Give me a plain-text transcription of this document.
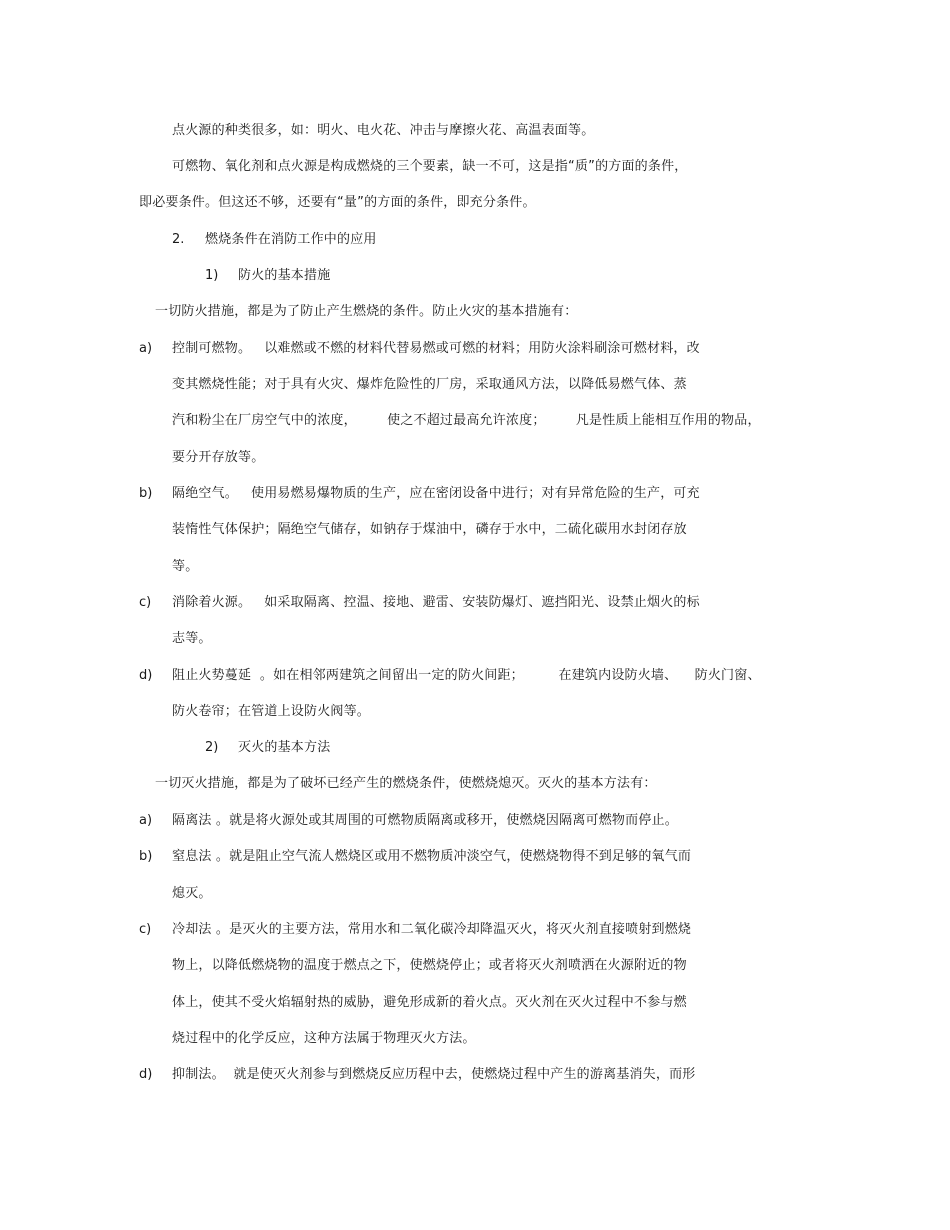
点火源的种类很多，如：明火、电火花、冲击与摩擦火花、高温表面等。
可燃物、氧化剂和点火源是构成燃烧的三个要素，缺一不可，这是指“质”的方面的条件，
即必要条件。但这还不够，还要有“量”的方面的条件，即充分条件。
2. 燃烧条件在消防工作中的应用
1) 防火的基本措施
一切防火措施，都是为了防止产生燃烧的条件。防止火灾的基本措施有：
a) 控制可燃物。   以难燃或不燃的材料代替易燃或可燃的材料；用防火涂料刷涂可燃材料，改
变其燃烧性能；对于具有火灾、爆炸危险性的厂房，采取通风方法，以降低易燃气体、蒸
汽和粉尘在厂房空气中的浓度，       使之不超过最高允许浓度；       凡是性质上能相互作用的物品，
要分开存放等。
b) 隔绝空气。   使用易燃易爆物质的生产，应在密闭设备中进行；对有异常危险的生产，可充
装惰性气体保护；隔绝空气储存，如钠存于煤油中，磷存于水中，二硫化碳用水封闭存放
等。
c) 消除着火源。   如采取隔离、控温、接地、避雷、安装防爆灯、遮挡阳光、设禁止烟火的标
志等。
d) 阻止火势蔓延  。如在相邻两建筑之间留出一定的防火间距；        在建筑内设防火墙、    防火门窗、
防火卷帘；在管道上设防火阀等。
2) 灭火的基本方法
一切灭火措施，都是为了破坏已经产生的燃烧条件，使燃烧熄灭。灭火的基本方法有：
a) 隔离法 。就是将火源处或其周围的可燃物质隔离或移开，使燃烧因隔离可燃物而停止。
b) 窒息法 。就是阻止空气流人燃烧区或用不燃物质冲淡空气，使燃烧物得不到足够的氧气而
熄灭。
c) 冷却法 。是灭火的主要方法，常用水和二氧化碳冷却降温灭火，将灭火剂直接喷射到燃烧
物上，以降低燃烧物的温度于燃点之下，使燃烧停止；或者将灭火剂喷洒在火源附近的物
体上，使其不受火焰辐射热的威胁，避免形成新的着火点。灭火剂在灭火过程中不参与燃
烧过程中的化学反应，这种方法属于物理灭火方法。
d) 抑制法。  就是使灭火剂参与到燃烧反应历程中去，使燃烧过程中产生的游离基消失，而形
